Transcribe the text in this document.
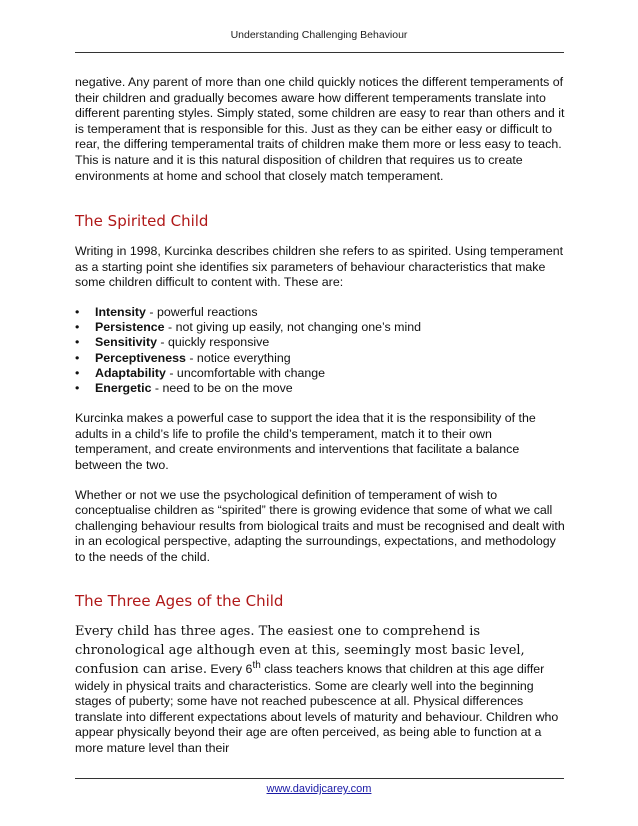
Understanding Challenging Behaviour

negative. Any parent of more than one child quickly notices the different temperaments of their children and gradually becomes aware how different temperaments translate into different parenting styles. Simply stated, some children are easy to rear than others and it is temperament that is responsible for this. Just as they can be either easy or difficult to rear, the differing temperamental traits of children make them more or less easy to teach. This is nature and it is this natural disposition of children that requires us to create environments at home and school that closely match temperament.

The Spirited Child

Writing in 1998, Kurcinka describes children she refers to as spirited. Using temperament as a starting point she identifies six parameters of behaviour characteristics that make some children difficult to content with. These are:

• Intensity - powerful reactions
• Persistence - not giving up easily, not changing one’s mind
• Sensitivity - quickly responsive
• Perceptiveness - notice everything
• Adaptability - uncomfortable with change
• Energetic - need to be on the move

Kurcinka makes a powerful case to support the idea that it is the responsibility of the adults in a child’s life to profile the child’s temperament, match it to their own temperament, and create environments and interventions that facilitate a balance between the two.

Whether or not we use the psychological definition of temperament of wish to conceptualise children as “spirited” there is growing evidence that some of what we call challenging behaviour results from biological traits and must be recognised and dealt with in an ecological perspective, adapting the surroundings, expectations, and methodology to the needs of the child.

The Three Ages of the Child

Every child has three ages. The easiest one to comprehend is chronological age although even at this, seemingly most basic level, confusion can arise. Every 6th class teachers knows that children at this age differ widely in physical traits and characteristics. Some are clearly well into the beginning stages of puberty; some have not reached pubescence at all. Physical differences translate into different expectations about levels of maturity and behaviour. Children who appear physically beyond their age are often perceived, as being able to function at a more mature level than their

www.davidjcarey.com
